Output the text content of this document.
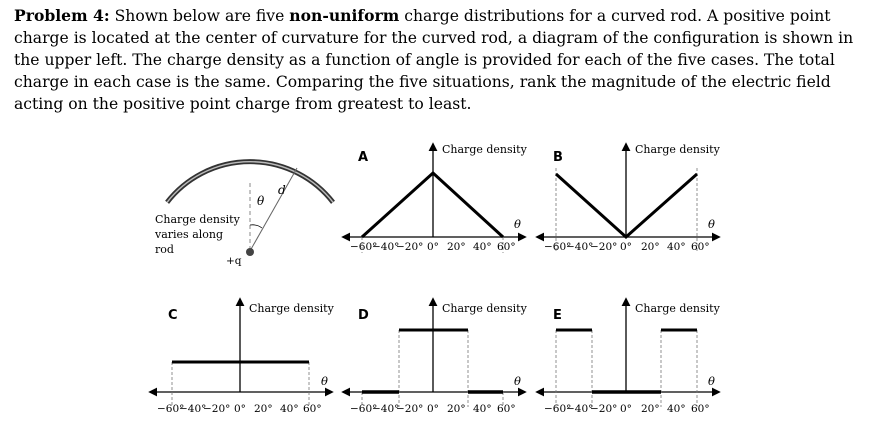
Problem 4: Shown below are five non-uniform charge distributions for a curved rod. A positive point charge is located at the center of curvature for the curved rod, a diagram of the configuration is shown in the upper left. The charge density as a function of angle is provided for each of the five cases. The total charge in each case is the same. Comparing the five situations, rank the magnitude of the electric field acting on the positive point charge from greatest to least.

θ
d
+q
Charge density
varies along
rod
A
Charge density
θ
−60°
−40°
−20° 0° 20° 40° 60°
B
Charge density
θ
−60°
−40°
−20° 0° 20° 40° 60°
C	Charge density
θ
−60°
−40°
−20° 0° 20° 40° 60°
D	Charge density
θ
−60°
−40°
−20° 0° 20° 40° 60°
E	Charge density
θ
−60°
−40°
−20° 0° 20° 40° 60°
